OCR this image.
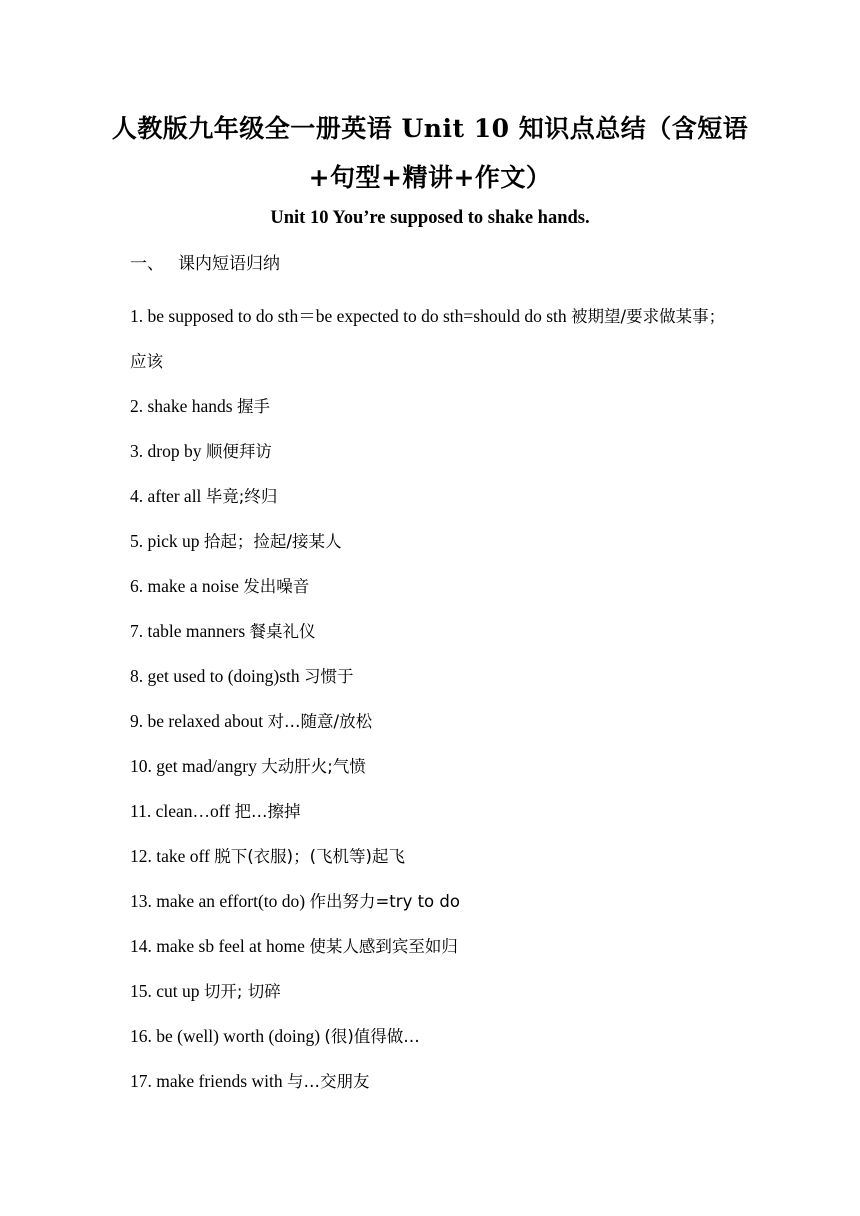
人教版九年级全一册英语 Unit 10 知识点总结（含短语+句型+精讲+作文）
Unit 10 You’re supposed to shake hands.
一、 课内短语归纳
1. be supposed to do sth＝be expected to do sth=should do sth 被期望/要求做某事；应该
2. shake hands 握手
3. drop by 顺便拜访
4. after all 毕竟;终归
5. pick up 拾起；捡起/接某人
6. make a noise 发出噪音
7. table manners 餐桌礼仪
8. get used to (doing)sth 习惯于
9. be relaxed about 对…随意/放松
10. get mad/angry 大动肝火;气愤
11. clean…off 把…擦掉
12. take off 脱下(衣服)；(飞机等)起飞
13. make an effort(to do) 作出努力=try to do
14. make sb feel at home 使某人感到宾至如归
15. cut up 切开; 切碎
16. be (well) worth (doing) (很)值得做…
17. make friends with 与…交朋友
